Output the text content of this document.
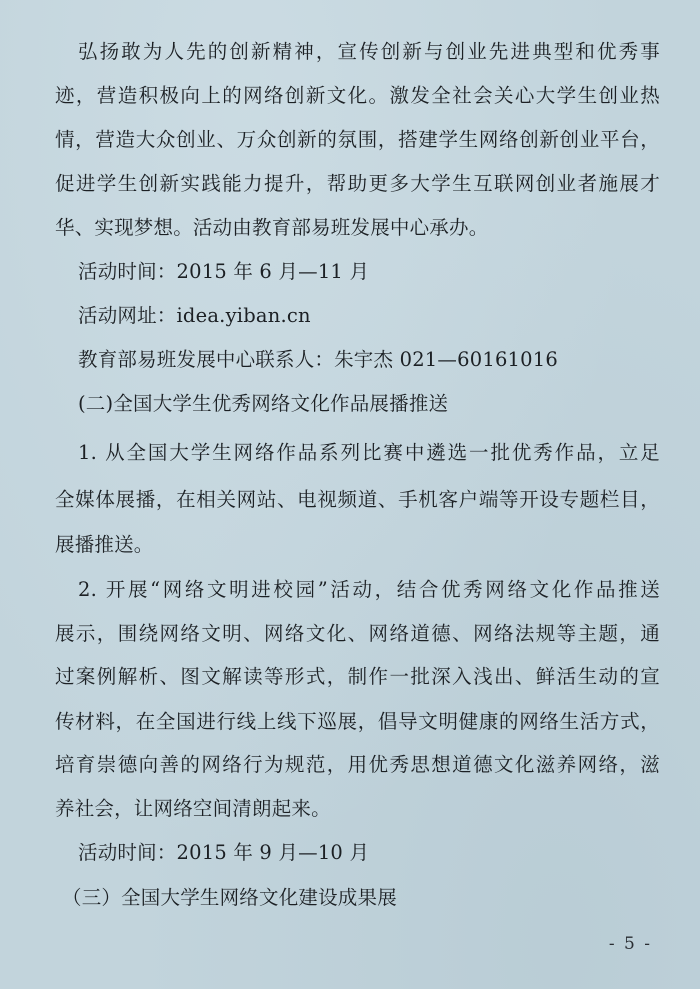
弘扬敢为人先的创新精神，宣传创新与创业先进典型和优秀事
迹，营造积极向上的网络创新文化。激发全社会关心大学生创业热
情，营造大众创业、万众创新的氛围，搭建学生网络创新创业平台，
促进学生创新实践能力提升，帮助更多大学生互联网创业者施展才
华、实现梦想。活动由教育部易班发展中心承办。
活动时间：2015 年 6 月—11 月
活动网址：idea.yiban.cn
教育部易班发展中心联系人：朱宇杰 021—60161016
(二)全国大学生优秀网络文化作品展播推送
1. 从全国大学生网络作品系列比赛中遴选一批优秀作品，立足
全媒体展播，在相关网站、电视频道、手机客户端等开设专题栏目，
展播推送。
2. 开展“网络文明进校园”活动，结合优秀网络文化作品推送
展示，围绕网络文明、网络文化、网络道德、网络法规等主题，通
过案例解析、图文解读等形式，制作一批深入浅出、鲜活生动的宣
传材料，在全国进行线上线下巡展，倡导文明健康的网络生活方式，
培育崇德向善的网络行为规范，用优秀思想道德文化滋养网络，滋
养社会，让网络空间清朗起来。
活动时间：2015 年 9 月—10 月
（三）全国大学生网络文化建设成果展
- 5 -
